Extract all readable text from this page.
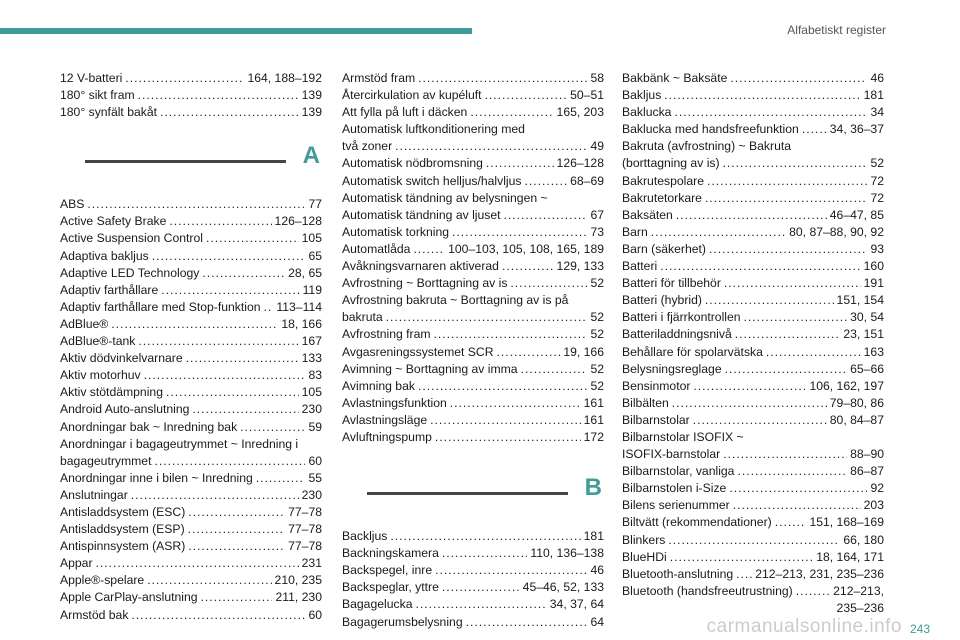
Alfabetiskt register
12 V-batteri . . .	164, 188–192
180° sikt fram . . .	139
180° synfält bakåt . . .	139
A
ABS . . .	77
Active Safety Brake . . .	126–128
Active Suspension Control . . .	105
Adaptiva bakljus . . .	65
Adaptive LED Technology . . .	28, 65
Adaptiv farthållare . . .	119
Adaptiv farthållare med Stop-funktion . . . 113–114
AdBlue® . . .	18, 166
AdBlue®-tank . . .	167
Aktiv dödvinkelvarnare . . .	133
Aktiv motorhuv . . .	83
Aktiv stötdämpning . . .	105
Android Auto-anslutning . . .	230
Anordningar bak ~ Inredning bak . . .	59
Anordningar i bagageutrymmet ~ Inredning i
bagageutrymmet . . .	60
Anordningar inne i bilen ~ Inredning . . .	55
Anslutningar . . .	230
Antisladdsystem (ESC) . . .	77–78
Antisladdsystem (ESP) . . .	77–78
Antispinnsystem (ASR) . . .	77–78
Appar . . .	231
Apple®-spelare . . .	210, 235
Apple CarPlay-anslutning . . .	211, 230
Armstöd bak . . .	60
Armstöd fram . . .	58
Återcirkulation av kupéluft . . .	50–51
Att fylla på luft i däcken . . .	165, 203
Automatisk luftkonditionering med
två zoner . . .	49
Automatisk nödbromsning . . .	126–128
Automatisk switch helljus/halvljus . . .	68–69
Automatisk tändning av belysningen ~
Automatisk tändning av ljuset . . .	67
Automatisk torkning . . .	73
Automatlåda . . .	100–103, 105, 108, 165, 189
Avåkningsvarnaren aktiverad . . .	129, 133
Avfrostning ~ Borttagning av is . . .	52
Avfrostning bakruta ~ Borttagning av is på
bakruta . . .	52
Avfrostning fram . . .	52
Avgasreningssystemet SCR . . .	19, 166
Avimning ~ Borttagning av imma . . .	52
Avimning bak . . .	52
Avlastningsfunktion . . .	161
Avlastningsläge . . .	161
Avluftningspump . . .	172
B
Backljus . . .	181
Backningskamera . . .	110, 136–138
Backspegel, inre . . .	46
Backspeglar, yttre . . .	45–46, 52, 133
Bagagelucka . . .	34, 37, 64
Bagagerumsbelysning . . .	64
Bakbänk ~ Baksäte . . .	46
Bakljus . . .	181
Baklucka . . .	34
Baklucka med handsfreefunktion . . .	34, 36–37
Bakruta (avfrostning) ~ Bakruta
(borttagning av is) . . .	52
Bakrutespolare . . .	72
Bakrutetorkare . . .	72
Baksäten . . .	46–47, 85
Barn . . .	80, 87–88, 90, 92
Barn (säkerhet) . . .	93
Batteri . . .	160
Batteri för tillbehör . . .	191
Batteri (hybrid) . . .	151, 154
Batteri i fjärrkontrollen . . .	30, 54
Batteriladdningsnivå . . .	23, 151
Behållare för spolarvätska . . .	163
Belysningsreglage . . .	65–66
Bensinmotor . . .	106, 162, 197
Bilbälten . . .	79–80, 86
Bilbarnstolar . . .	80, 84–87
Bilbarnstolar ISOFIX ~
ISOFIX-barnstolar . . .	88–90
Bilbarnstolar, vanliga . . .	86–87
Bilbarnstolen i-Size . . .	92
Bilens serienummer . . .	203
Biltvätt (rekommendationer) . . .	151, 168–169
Blinkers . . .	66, 180
BlueHDi . . .	18, 164, 171
Bluetooth-anslutning . . . 212–213, 231, 235–236
Bluetooth (handsfreeutrustning) . . .	212–213,
235–236
carmanualsonline.info 243
